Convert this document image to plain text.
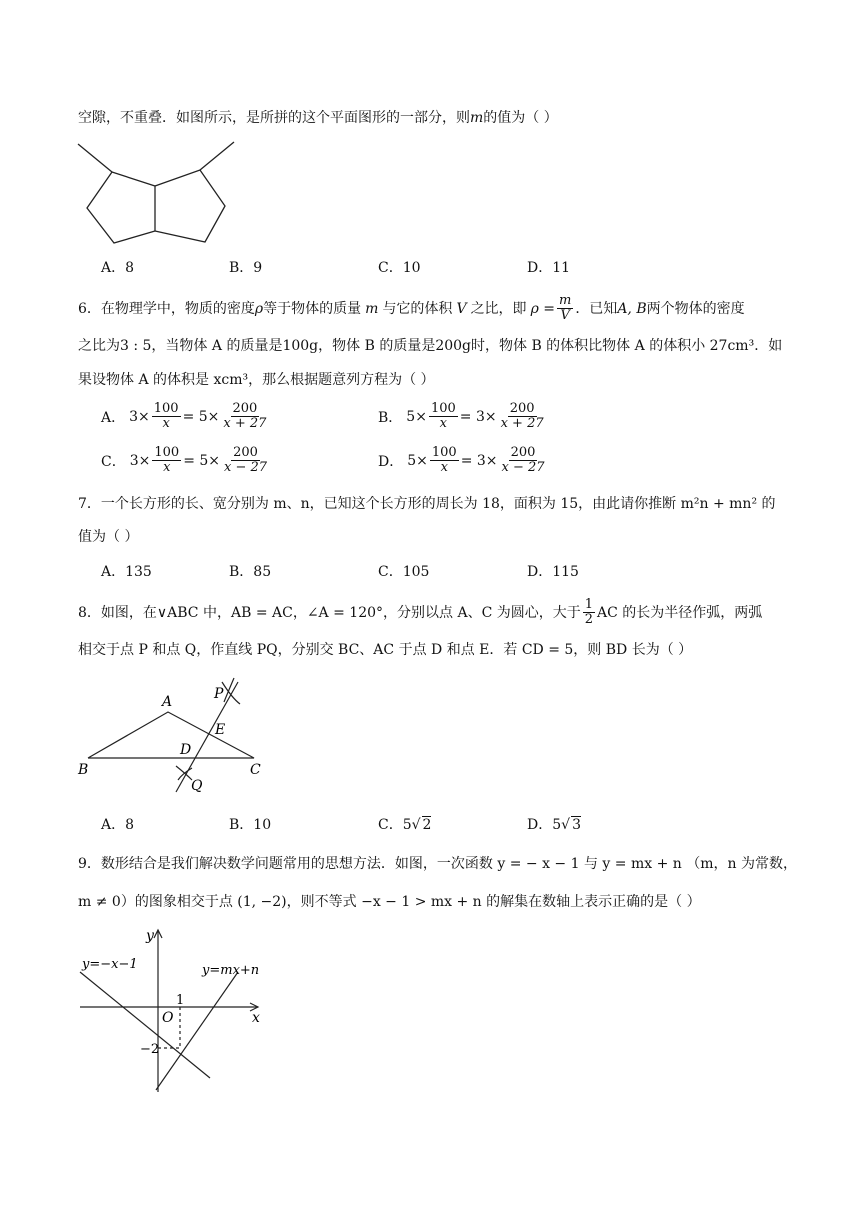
空隙，不重叠．如图所示，是所拼的这个平面图形的一部分，则m的值为（ ）
A．8	B．9	C．10	D．11
6．在物理学中，物质的密度 ρ 等于物体的质量 m 与它的体积 V 之比，即 $\rho = \frac{m}{V}$ ．已知 A, B 两个物体的密度
之比为3 : 5，当物体 A 的质量是100g，物体 B 的质量是200g时，物体 B 的体积比物体 A 的体积小 27cm³．如
果设物体 A 的体积是 xcm³，那么根据题意列方程为（ ）
A． $3\times \frac{100}{x} = 5\times \frac{200}{x + 27}$	B． $5\times \frac{100}{x} = 3\times \frac{200}{x + 27}$
C． $3\times \frac{100}{x} = 5\times \frac{200}{x - 27}$	D． $5\times \frac{100}{x} = 3\times \frac{200}{x - 27}$
7．一个长方形的长、宽分别为 m、n，已知这个长方形的周长为 18，面积为 15，由此请你推断 m²n + mn² 的
值为（ ）
A．135	B．85	C．105	D．115
8．如图，在∨ABC 中，AB = AC，∠A = 120°，分别以点 A、C 为圆心，大于 $\frac{1}{2}$ AC 的长为半径作弧，两弧
相交于点 P 和点 Q，作直线 PQ，分别交 BC、AC 于点 D 和点 E．若 CD = 5，则 BD 长为（ ）
A
B	C
D
E
P
Q
A．8	B．10	C．5√ 2	D．5√ 3
9．数形结合是我们解决数学问题常用的思想方法．如图，一次函数 y = − x − 1 与 y = mx + n （m，n 为常数，
m ≠ 0）的图象相交于点 (1, −2)，则不等式 −x − 1 > mx + n 的解集在数轴上表示正确的是（ ）
y
x
O
1
−2
y=−x−1	y=mx+n
